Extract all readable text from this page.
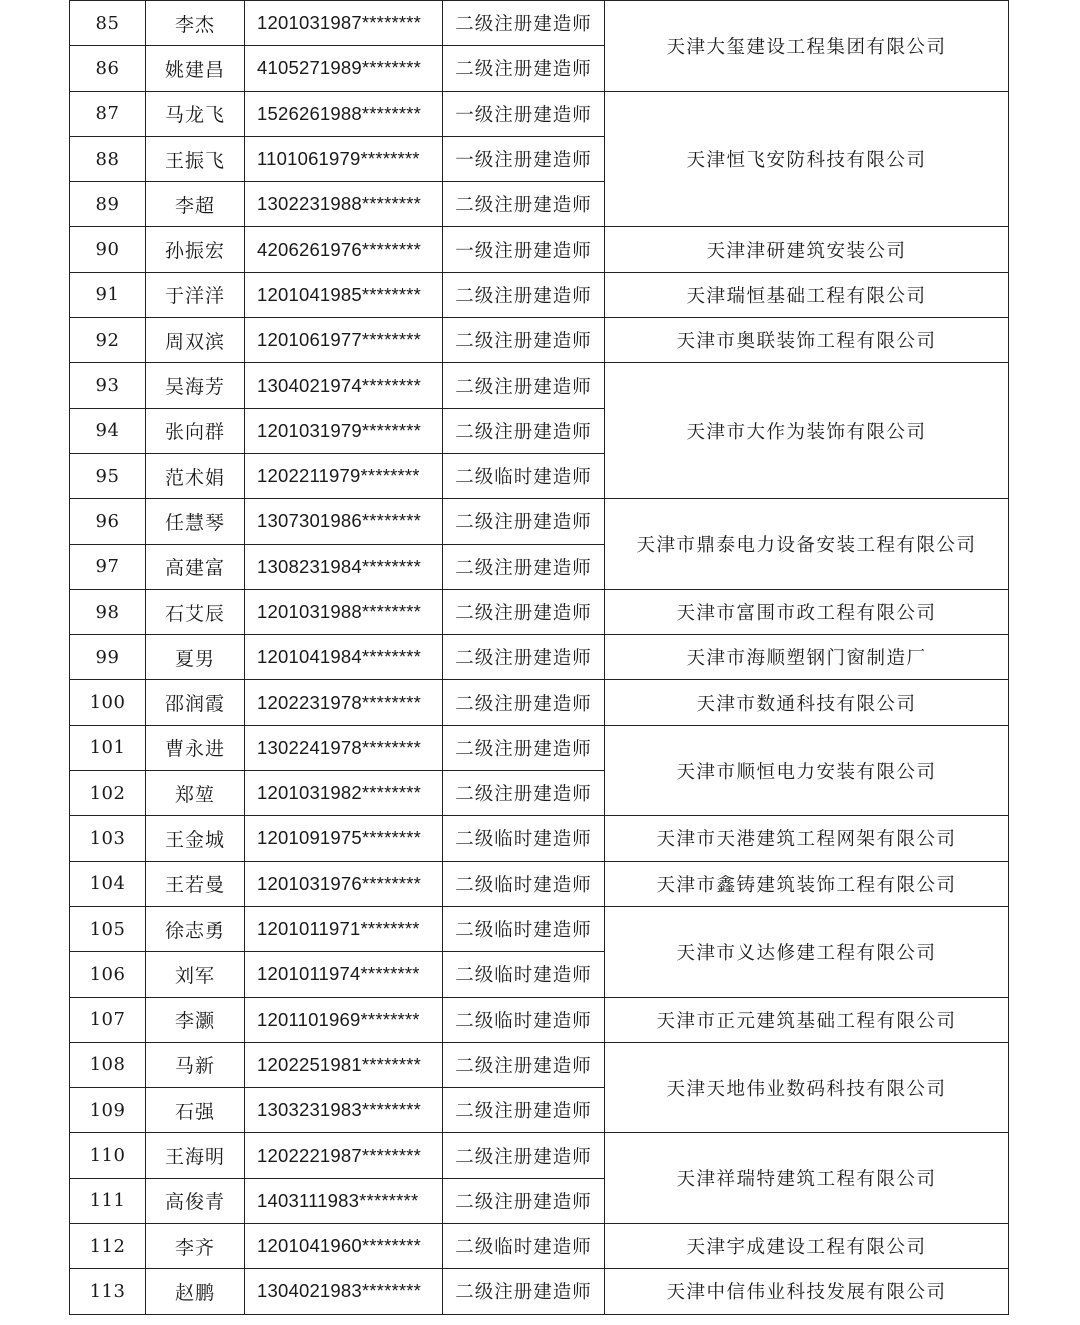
85	李杰	1201031987********	二级注册建造师	天津大玺建设工程集团有限公司
86	姚建昌	4105271989********	二级注册建造师	
87	马龙飞	1526261988********	一级注册建造师	天津恒飞安防科技有限公司
88	王振飞	1101061979********	一级注册建造师	
89	李超	1302231988********	二级注册建造师	
90	孙振宏	4206261976********	一级注册建造师	天津津研建筑安装公司
91	于洋洋	1201041985********	二级注册建造师	天津瑞恒基础工程有限公司
92	周双滨	1201061977********	二级注册建造师	天津市奥联装饰工程有限公司
93	吴海芳	1304021974********	二级注册建造师	天津市大作为装饰有限公司
94	张向群	1201031979********	二级注册建造师	
95	范术娟	1202211979********	二级临时建造师	
96	任慧琴	1307301986********	二级注册建造师	天津市鼎泰电力设备安装工程有限公司
97	高建富	1308231984********	二级注册建造师	
98	石艾辰	1201031988********	二级注册建造师	天津市富围市政工程有限公司
99	夏男	1201041984********	二级注册建造师	天津市海顺塑钢门窗制造厂
100	邵润霞	1202231978********	二级注册建造师	天津市数通科技有限公司
101	曹永进	1302241978********	二级注册建造师	天津市顺恒电力安装有限公司
102	郑堃	1201031982********	二级注册建造师	
103	王金城	1201091975********	二级临时建造师	天津市天港建筑工程网架有限公司
104	王若曼	1201031976********	二级临时建造师	天津市鑫铸建筑装饰工程有限公司
105	徐志勇	1201011971********	二级临时建造师	天津市义达修建工程有限公司
106	刘军	1201011974********	二级临时建造师	
107	李灏	1201101969********	二级临时建造师	天津市正元建筑基础工程有限公司
108	马新	1202251981********	二级注册建造师	天津天地伟业数码科技有限公司
109	石强	1303231983********	二级注册建造师	
110	王海明	1202221987********	二级注册建造师	天津祥瑞特建筑工程有限公司
111	高俊青	1403111983********	二级注册建造师	
112	李齐	1201041960********	二级临时建造师	天津宇成建设工程有限公司
113	赵鹏	1304021983********	二级注册建造师	天津中信伟业科技发展有限公司
